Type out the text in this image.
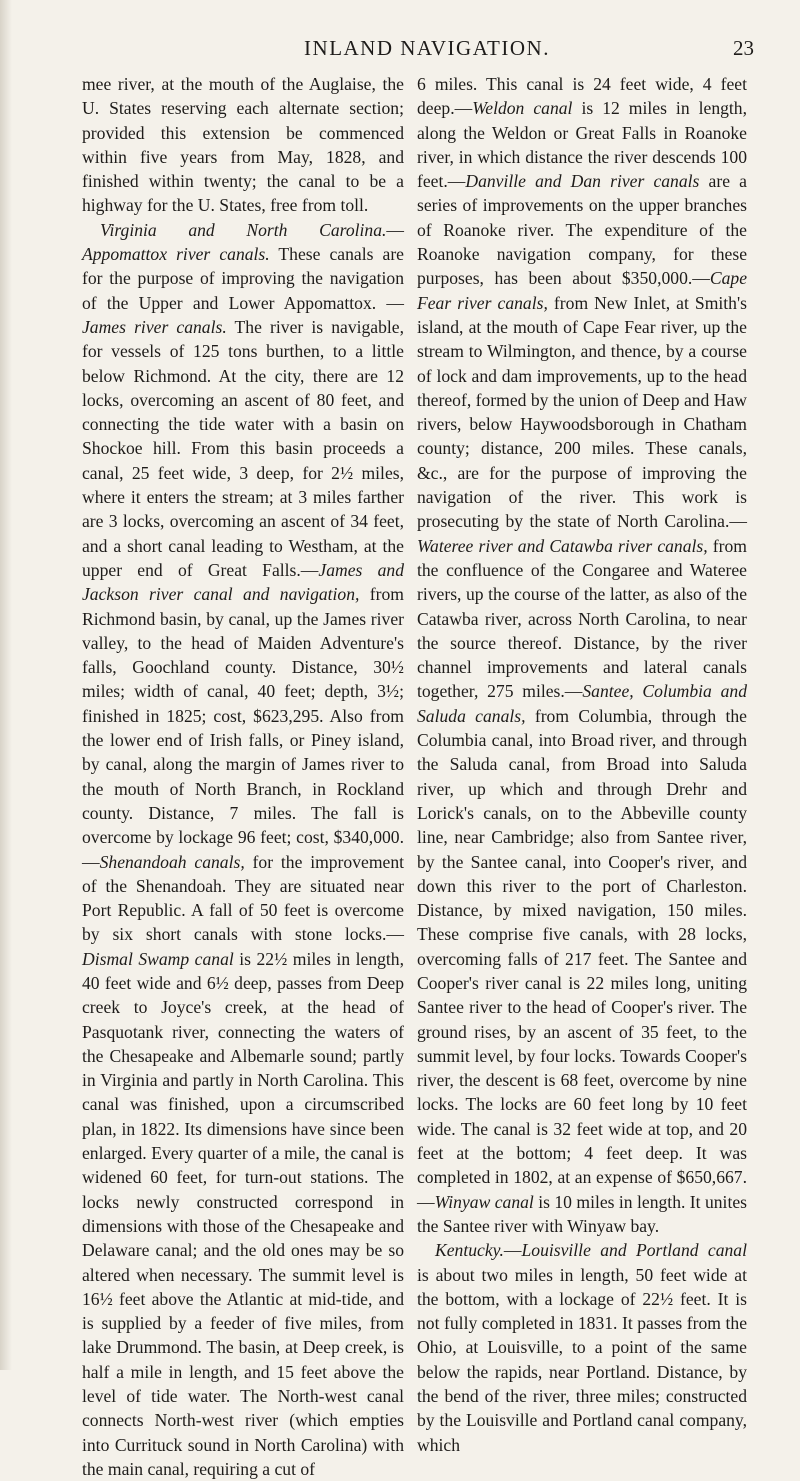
INLAND NAVIGATION.	23

mee river, at the mouth of the Auglaise, the U. States reserving each alternate section; provided this extension be commenced within five years from May, 1828, and finished within twenty; the canal to be a highway for the U. States, free from toll.

Virginia and North Carolina.—Appomattox river canals. These canals are for the purpose of improving the navigation of the Upper and Lower Appomattox. —James river canals. The river is navigable, for vessels of 125 tons burthen, to a little below Richmond. At the city, there are 12 locks, overcoming an ascent of 80 feet, and connecting the tide water with a basin on Shockoe hill. From this basin proceeds a canal, 25 feet wide, 3 deep, for 2½ miles, where it enters the stream; at 3 miles farther are 3 locks, overcoming an ascent of 34 feet, and a short canal leading to Westham, at the upper end of Great Falls.—James and Jackson river canal and navigation, from Richmond basin, by canal, up the James river valley, to the head of Maiden Adventure's falls, Goochland county. Distance, 30½ miles; width of canal, 40 feet; depth, 3½; finished in 1825; cost, $623,295. Also from the lower end of Irish falls, or Piney island, by canal, along the margin of James river to the mouth of North Branch, in Rockland county. Distance, 7 miles. The fall is overcome by lockage 96 feet; cost, $340,000.—Shenandoah canals, for the improvement of the Shenandoah. They are situated near Port Republic. A fall of 50 feet is overcome by six short canals with stone locks.—Dismal Swamp canal is 22½ miles in length, 40 feet wide and 6½ deep, passes from Deep creek to Joyce's creek, at the head of Pasquotank river, connecting the waters of the Chesapeake and Albemarle sound; partly in Virginia and partly in North Carolina. This canal was finished, upon a circumscribed plan, in 1822. Its dimensions have since been enlarged. Every quarter of a mile, the canal is widened 60 feet, for turn-out stations. The locks newly constructed correspond in dimensions with those of the Chesapeake and Delaware canal; and the old ones may be so altered when necessary. The summit level is 16½ feet above the Atlantic at mid-tide, and is supplied by a feeder of five miles, from lake Drummond. The basin, at Deep creek, is half a mile in length, and 15 feet above the level of tide water. The North-west canal connects North-west river (which empties into Currituck sound in North Carolina) with the main canal, requiring a cut of

6 miles. This canal is 24 feet wide, 4 feet deep.—Weldon canal is 12 miles in length, along the Weldon or Great Falls in Roanoke river, in which distance the river descends 100 feet.—Danville and Dan river canals are a series of improvements on the upper branches of Roanoke river. The expenditure of the Roanoke navigation company, for these purposes, has been about $350,000.—Cape Fear river canals, from New Inlet, at Smith's island, at the mouth of Cape Fear river, up the stream to Wilmington, and thence, by a course of lock and dam improvements, up to the head thereof, formed by the union of Deep and Haw rivers, below Haywoodsborough in Chatham county; distance, 200 miles. These canals, &c., are for the purpose of improving the navigation of the river. This work is prosecuting by the state of North Carolina.—Wateree river and Catawba river canals, from the confluence of the Congaree and Wateree rivers, up the course of the latter, as also of the Catawba river, across North Carolina, to near the source thereof. Distance, by the river channel improvements and lateral canals together, 275 miles.—Santee, Columbia and Saluda canals, from Columbia, through the Columbia canal, into Broad river, and through the Saluda canal, from Broad into Saluda river, up which and through Drehr and Lorick's canals, on to the Abbeville county line, near Cambridge; also from Santee river, by the Santee canal, into Cooper's river, and down this river to the port of Charleston. Distance, by mixed navigation, 150 miles. These comprise five canals, with 28 locks, overcoming falls of 217 feet. The Santee and Cooper's river canal is 22 miles long, uniting Santee river to the head of Cooper's river. The ground rises, by an ascent of 35 feet, to the summit level, by four locks. Towards Cooper's river, the descent is 68 feet, overcome by nine locks. The locks are 60 feet long by 10 feet wide. The canal is 32 feet wide at top, and 20 feet at the bottom; 4 feet deep. It was completed in 1802, at an expense of $650,667. —Winyaw canal is 10 miles in length. It unites the Santee river with Winyaw bay.

Kentucky.—Louisville and Portland canal is about two miles in length, 50 feet wide at the bottom, with a lockage of 22½ feet. It is not fully completed in 1831. It passes from the Ohio, at Louisville, to a point of the same below the rapids, near Portland. Distance, by the bend of the river, three miles; constructed by the Louisville and Portland canal company, which
